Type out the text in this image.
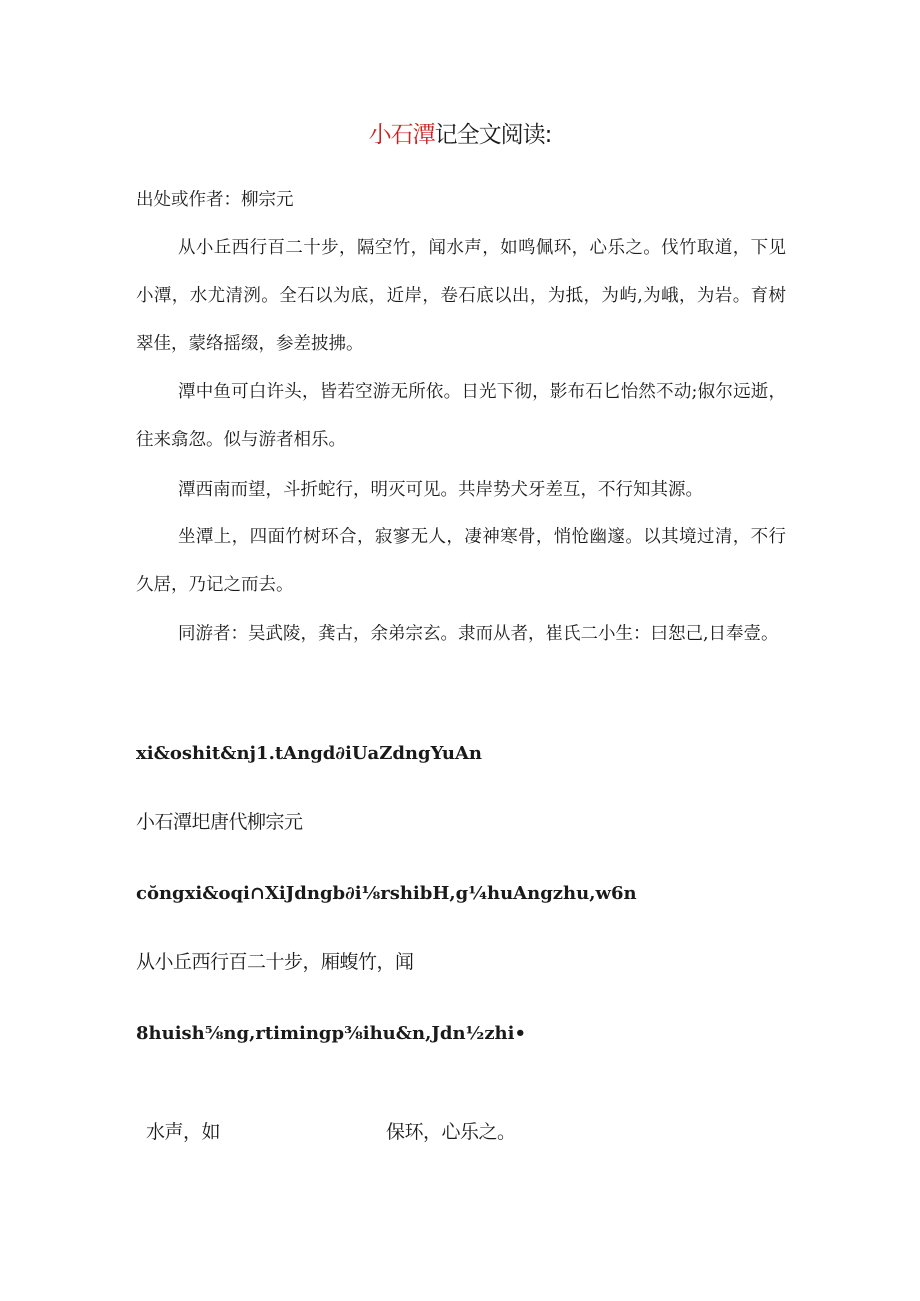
小石潭记全文阅读:
出处或作者：柳宗元

从小丘西行百二十步，隔空竹，闻水声，如鸣佩环，心乐之。伐竹取道，下见小潭，水尤清洌。全石以为底，近岸，卷石底以出，为抵，为屿,为峨，为岩。育树翠佳，蒙络摇缀，参差披拂。

潭中鱼可白许头，皆若空游无所依。日光下彻，影布石匕怡然不动;俶尔远逝，往来翕忽。似与游者相乐。

潭西南而望，斗折蛇行，明灭可见。共岸势犬牙差互，不行知其源。

坐潭上，四面竹树环合，寂寥无人，凄神寒骨，悄怆幽邃。以其境过清，不行久居，乃记之而去。

同游者：吴武陵，龚古，余弟宗玄。隶而从者，崔氏二小生：曰恕己,日奉壹。

xi&oshit&nj1.tAngd∂iUaZdngYuAn
小石潭圯唐代柳宗元
cŏngxi&oqi∩XiJdngb∂i⅛rshibH,g¼huAngzhu,w6n
从小丘西行百二十步，厢蝮竹，闻
8huish⅝ng,rtimingp⅜ihu&n,Jdn½zhi•
水声，如	保环，心乐之。
